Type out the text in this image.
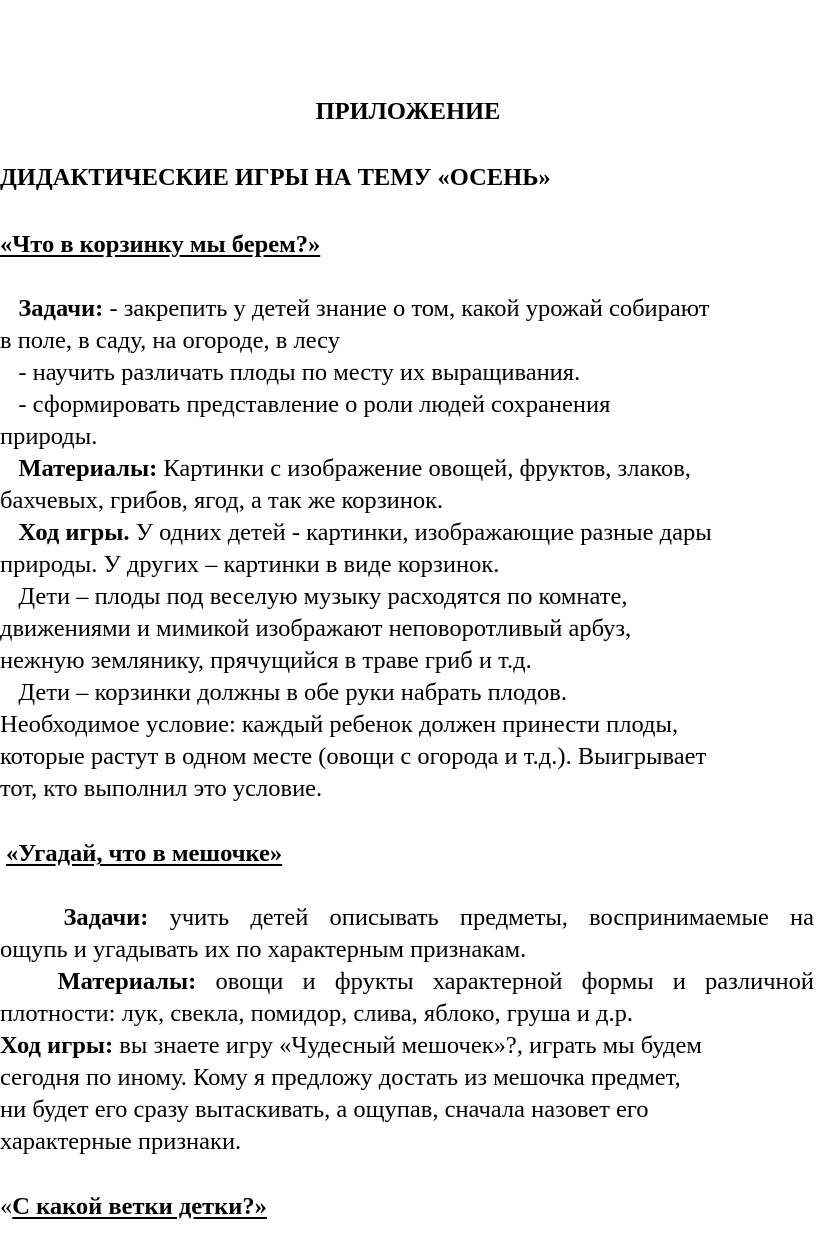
ПРИЛОЖЕНИЕ
ДИДАКТИЧЕСКИЕ ИГРЫ НА ТЕМУ «ОСЕНЬ»
«Что в корзинку мы берем?»
Задачи: - закрепить у детей знание о том, какой урожай собирают
в поле, в саду, на огороде, в лесу
- научить различать плоды по месту их выращивания.
- сформировать представление о роли людей сохранения
природы.
Материалы: Картинки с изображение овощей, фруктов, злаков,
бахчевых, грибов, ягод, а так же корзинок.
Ход игры. У одних детей - картинки, изображающие разные дары
природы. У других – картинки в виде корзинок.
Дети – плоды под веселую музыку расходятся по комнате,
движениями и мимикой изображают неповоротливый арбуз,
нежную землянику, прячущийся в траве гриб и т.д.
Дети – корзинки должны в обе руки набрать плодов.
Необходимое условие: каждый ребенок должен принести плоды,
которые растут в одном месте (овощи с огорода и т.д.). Выигрывает
тот, кто выполнил это условие.
«Угадай, что в мешочке»
Задачи: учить детей описывать предметы, воспринимаемые на
ощупь и угадывать их по характерным признакам.
Материалы: овощи и фрукты характерной формы и различной
плотности: лук, свекла, помидор, слива, яблоко, груша и д.р.
Ход игры: вы знаете игру «Чудесный мешочек»?, играть мы будем
сегодня по иному. Кому я предложу достать из мешочка предмет,
ни будет его сразу вытаскивать, а ощупав, сначала назовет его
характерные признаки.
«С какой ветки детки?»
